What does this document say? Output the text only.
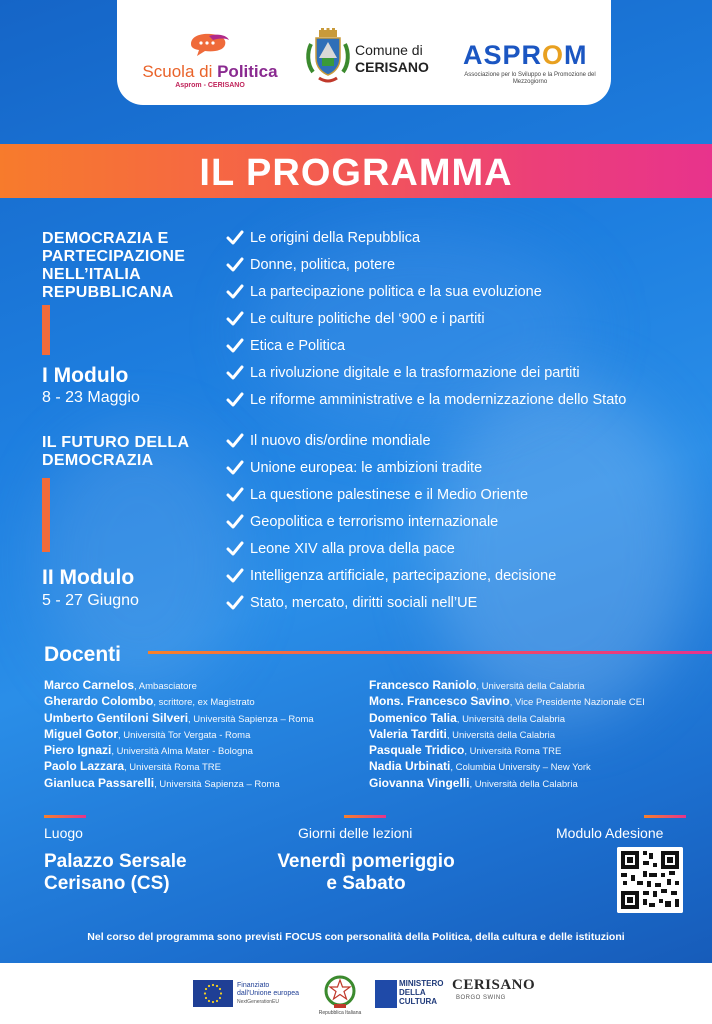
Scuola di Politica
Asprom - CERISANO
Comune di
CERISANO ASPROM
Associazione per lo Sviluppo e la Promozione del Mezzogiorno
IL PROGRAMMA
DEMOCRAZIA E
PARTECIPAZIONE
NELL’ITALIA
REPUBBLICANA
I Modulo
8 - 23 Maggio
Le origini della Repubblica
Donne, politica, potere
La partecipazione politica e la sua evoluzione
Le culture politiche del ‘900 e i partiti
Etica e Politica
La rivoluzione digitale e la trasformazione dei partiti
Le riforme amministrative e la modernizzazione dello Stato
IL FUTURO DELLA
DEMOCRAZIA
II Modulo
5 - 27 Giugno
Il nuovo dis/ordine mondiale
Unione europea: le ambizioni tradite
La questione palestinese e il Medio Oriente
Geopolitica e terrorismo internazionale
Leone XIV alla prova della pace
Intelligenza artificiale, partecipazione, decisione
Stato, mercato, diritti sociali nell’UE
Docenti
Marco Carnelos, Ambasciatore
Gherardo Colombo, scrittore, ex Magistrato
Umberto Gentiloni Silveri, Università Sapienza – Roma
Miguel Gotor, Università Tor Vergata - Roma
Piero Ignazi, Università Alma Mater - Bologna
Paolo Lazzara, Università Roma TRE
Gianluca Passarelli, Università Sapienza – Roma
Francesco Raniolo, Università della Calabria
Mons. Francesco Savino, Vice Presidente Nazionale CEI
Domenico Talia, Università della Calabria
Valeria Tarditi, Università della Calabria
Pasquale Tridico, Università Roma TRE
Nadia Urbinati, Columbia University – New York
Giovanna Vingelli, Università della Calabria
Luogo	Giorni delle lezioni	Modulo Adesione
Palazzo Sersale
Cerisano (CS)
Venerdì pomeriggio
e Sabato
Nel corso del programma sono previsti FOCUS con personalità della Politica, della cultura e delle istituzioni
Finanziato
dall'Unione europea
NextGenerationEU
Repubblica Italiana
MINISTERO
DELLA
CULTURA
CERISANO
BORGO SWING
